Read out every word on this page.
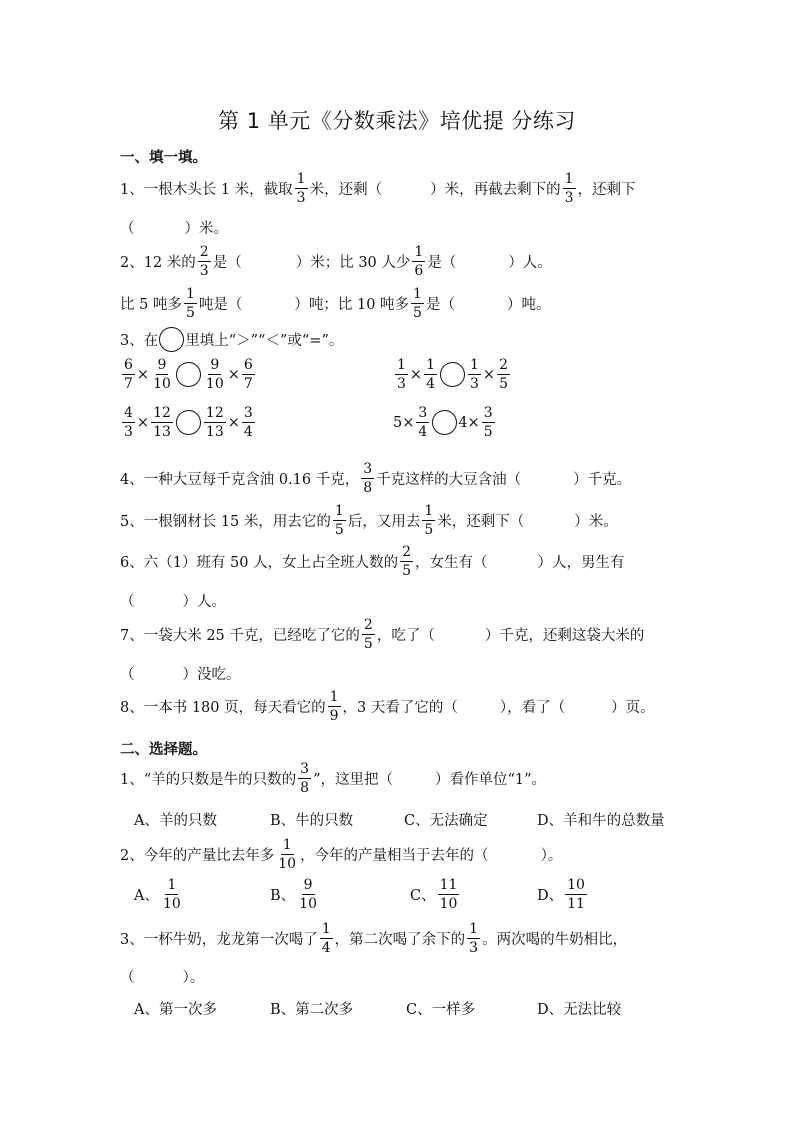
第 1 单元《分数乘法》培优提 分练习
一、填一填。
1、一根木头长 1 米，截取 $\frac{1}{3}$ 米，还剩（	）米，再截去剩下的 $\frac{1}{3}$ ，还剩下
（	）米。
2、12 米的 $\frac{2}{3}$ 是（	）米；比 30 人少 $\frac{1}{6}$ 是（	）人。
比 5 吨多 $\frac{1}{5}$ 吨是（	）吨；比 10 吨多 $\frac{1}{5}$ 是（	）吨。
3、在 里填上“＞”“＜”或“=”。
$\frac{6}{7} \times \frac{9}{10} \frac{9}{10} \times \frac{6}{7}$	$\frac{1}{3} \times \frac{1}{4} \frac{1}{3} \times \frac{2}{5}$
$\frac{4}{3} \times \frac{12}{13} \frac{12}{13} \times \frac{3}{4}$	$5 \times \frac{3}{4} 4 \times \frac{3}{5}$
4、一种大豆每千克含油 0.16 千克， $\frac{3}{8}$ 千克这样的大豆含油（	）千克。
5、一根钢材长 15 米，用去它的 $\frac{1}{5}$ 后，又用去 $\frac{1}{5}$ 米，还剩下（	）米。
6、六（1）班有 50 人，女上占全班人数的 $\frac{2}{5}$ ，女生有（	）人，男生有
（	）人。
7、一袋大米 25 千克，已经吃了它的 $\frac{2}{5}$ ，吃了（	）千克，还剩这袋大米的
（	）没吃。
8、一本书 180 页，每天看它的 $\frac{1}{9}$ ，3 天看了它的（	），看了（	）页。
二、选择题。
1、“羊的只数是牛的只数的 $\frac{3}{8}$ ”，这里把（	）看作单位“1”。
A、羊的只数	B、牛的只数	C、无法确定	D、羊和牛的总数量
2、今年的产量比去年多 $\frac{1}{10}$ ，今年的产量相当于去年的（	）。
A、 $\frac{1}{10}$	B、 $\frac{9}{10}$	C、 $\frac{11}{10}$	D、 $\frac{10}{11}$
3、一杯牛奶，龙龙第一次喝了 $\frac{1}{4}$ ，第二次喝了余下的 $\frac{1}{3}$ 。两次喝的牛奶相比，
（	）。
A、第一次多	B、第二次多	C、一样多	D、无法比较
